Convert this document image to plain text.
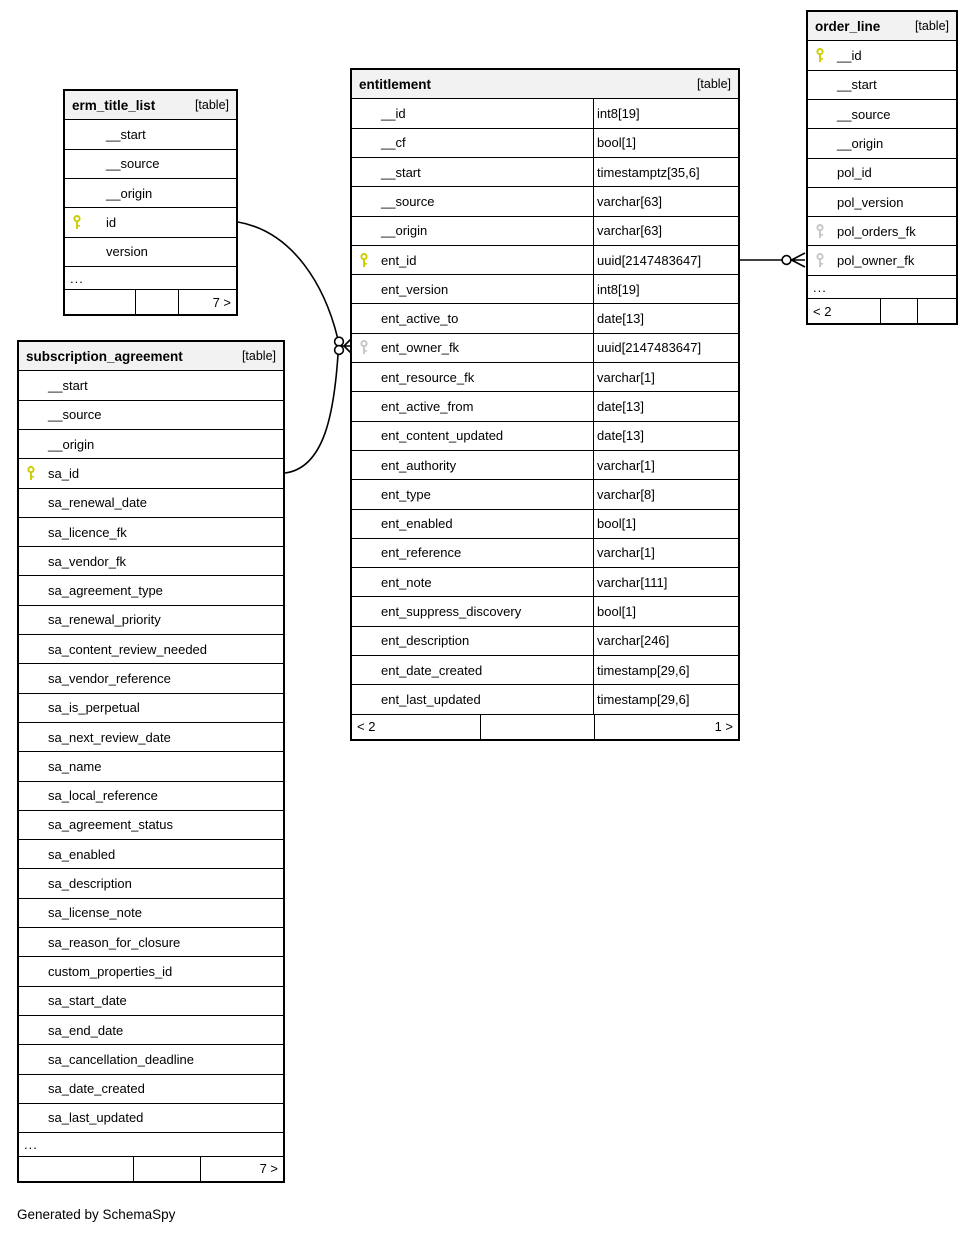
erm_title_list	[table]
__start
__source
__origin
id
version
...
7 >
subscription_agreement	[table]
__start
__source
__origin
sa_id
sa_renewal_date
sa_licence_fk
sa_vendor_fk
sa_agreement_type
sa_renewal_priority
sa_content_review_needed
sa_vendor_reference
sa_is_perpetual
sa_next_review_date
sa_name
sa_local_reference
sa_agreement_status
sa_enabled
sa_description
sa_license_note
sa_reason_for_closure
custom_properties_id
sa_start_date
sa_end_date
sa_cancellation_deadline
sa_date_created
sa_last_updated
...
7 >
entitlement	[table]
__id	int8[19]
__cf	bool[1]
__start	timestamptz[35,6]
__source	varchar[63]
__origin	varchar[63]
ent_id	uuid[2147483647]
ent_version	int8[19]
ent_active_to	date[13]
ent_owner_fk	uuid[2147483647]
ent_resource_fk	varchar[1]
ent_active_from	date[13]
ent_content_updated	date[13]
ent_authority	varchar[1]
ent_type	varchar[8]
ent_enabled	bool[1]
ent_reference	varchar[1]
ent_note	varchar[111]
ent_suppress_discovery	bool[1]
ent_description	varchar[246]
ent_date_created	timestamp[29,6]
ent_last_updated	timestamp[29,6]
< 2	1 >
order_line	[table]
__id
__start
__source
__origin
pol_id
pol_version
pol_orders_fk
pol_owner_fk
...
< 2
Generated by SchemaSpy
